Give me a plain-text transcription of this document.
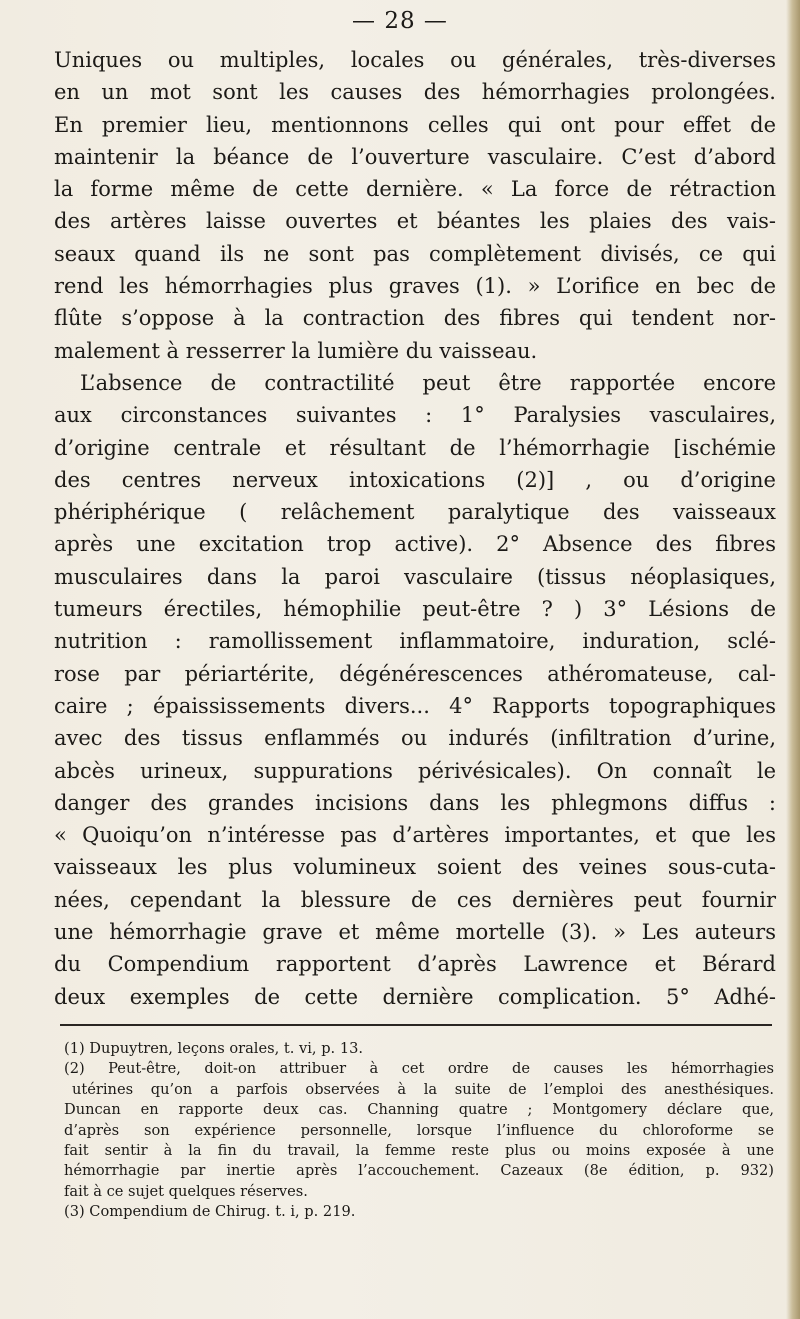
— 28 —
Uniques ou multiples, locales ou générales, très-diverses
en un mot sont les causes des hémorrhagies prolongées.
En premier lieu, mentionnons celles qui ont pour effet de
maintenir la béance de l’ouverture vasculaire. C’est d’abord
la forme même de cette dernière. « La force de rétraction
des artères laisse ouvertes et béantes les plaies des vais-
seaux quand ils ne sont pas complètement divisés, ce qui
rend les hémorrhagies plus graves (1). » L’orifice en bec de
flûte s’oppose à la contraction des fibres qui tendent nor-
malement à resserrer la lumière du vaisseau.
L’absence de contractilité peut être rapportée encore
aux circonstances suivantes : 1° Paralysies vasculaires,
d’origine centrale et résultant de l’hémorrhagie [ischémie
des centres nerveux intoxications (2)] , ou d’origine
phériphérique ( relâchement paralytique des vaisseaux
après une excitation trop active). 2° Absence des fibres
musculaires dans la paroi vasculaire (tissus néoplasiques,
tumeurs érectiles, hémophilie peut-être ? ) 3° Lésions de
nutrition : ramollissement inflammatoire, induration, sclé-
rose par périartérite, dégénérescences athéromateuse, cal-
caire ; épaississements divers... 4° Rapports topographiques
avec des tissus enflammés ou indurés (infiltration d’urine,
abcès urineux, suppurations périvésicales). On connaît le
danger des grandes incisions dans les phlegmons diffus :
« Quoiqu’on n’intéresse pas d’artères importantes, et que les
vaisseaux les plus volumineux soient des veines sous-cuta-
nées, cependant la blessure de ces dernières peut fournir
une hémorrhagie grave et même mortelle (3). » Les auteurs
du Compendium rapportent d’après Lawrence et Bérard
deux exemples de cette dernière complication. 5° Adhé-
(1) Dupuytren, leçons orales, t. vi, p. 13.
(2) Peut-être, doit-on attribuer à cet ordre de causes les hémorrhagies
utérines qu’on a parfois observées à la suite de l’emploi des anesthésiques.
Duncan en rapporte deux cas. Channing quatre ; Montgomery déclare que,
d’après son expérience personnelle, lorsque l’influence du chloroforme se
fait sentir à la fin du travail, la femme reste plus ou moins exposée à une
hémorrhagie par inertie après l’accouchement. Cazeaux (8e édition, p. 932)
fait à ce sujet quelques réserves.
(3) Compendium de Chirug. t. i, p. 219.
